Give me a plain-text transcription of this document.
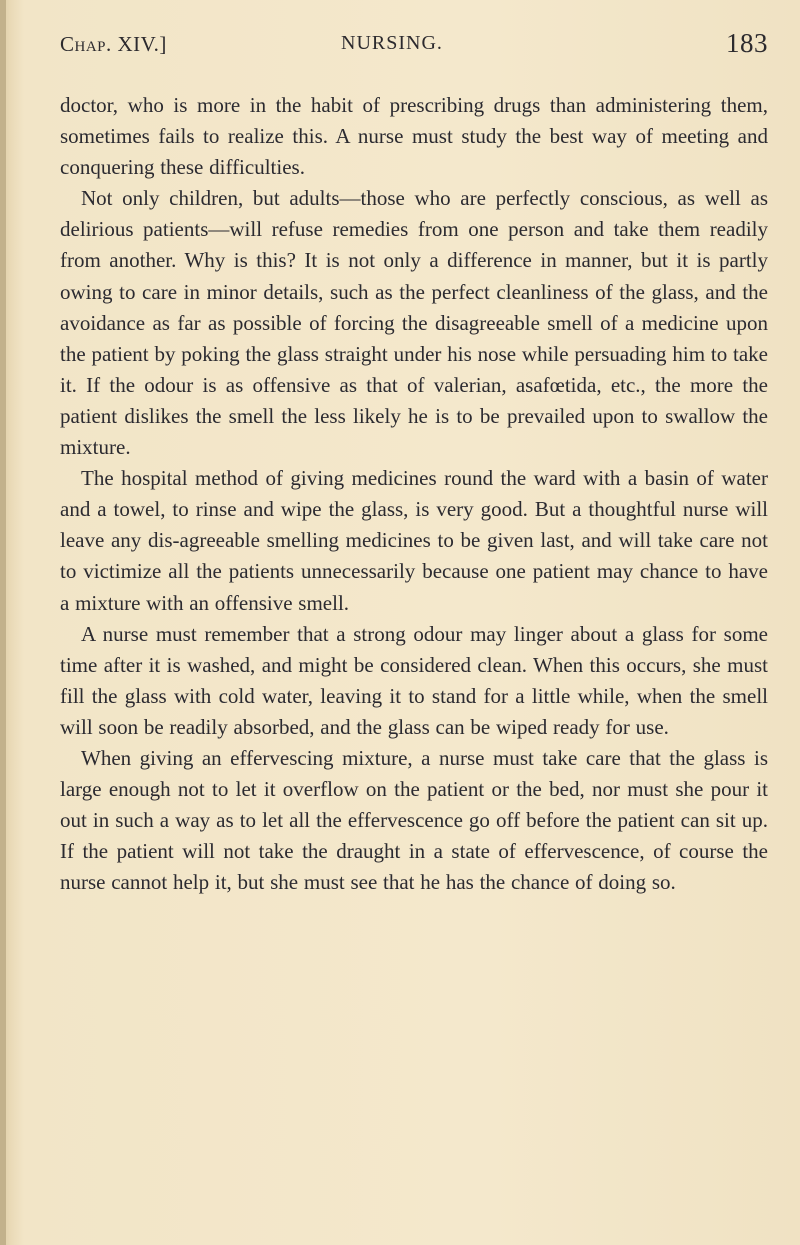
Chap. XIV.]	NURSING.	183

doctor, who is more in the habit of prescribing drugs than administering them, sometimes fails to realize this. A nurse must study the best way of meeting and conquering these difficulties.

Not only children, but adults—those who are perfectly conscious, as well as delirious patients—will refuse remedies from one person and take them readily from another. Why is this? It is not only a difference in manner, but it is partly owing to care in minor details, such as the perfect cleanliness of the glass, and the avoidance as far as possible of forcing the disagreeable smell of a medicine upon the patient by poking the glass straight under his nose while persuading him to take it. If the odour is as offensive as that of valerian, asafœtida, etc., the more the patient dislikes the smell the less likely he is to be prevailed upon to swallow the mixture.

The hospital method of giving medicines round the ward with a basin of water and a towel, to rinse and wipe the glass, is very good. But a thoughtful nurse will leave any dis-agreeable smelling medicines to be given last, and will take care not to victimize all the patients unnecessarily because one patient may chance to have a mixture with an offensive smell.

A nurse must remember that a strong odour may linger about a glass for some time after it is washed, and might be considered clean. When this occurs, she must fill the glass with cold water, leaving it to stand for a little while, when the smell will soon be readily absorbed, and the glass can be wiped ready for use.

When giving an effervescing mixture, a nurse must take care that the glass is large enough not to let it overflow on the patient or the bed, nor must she pour it out in such a way as to let all the effervescence go off before the patient can sit up. If the patient will not take the draught in a state of effervescence, of course the nurse cannot help it, but she must see that he has the chance of doing so.
